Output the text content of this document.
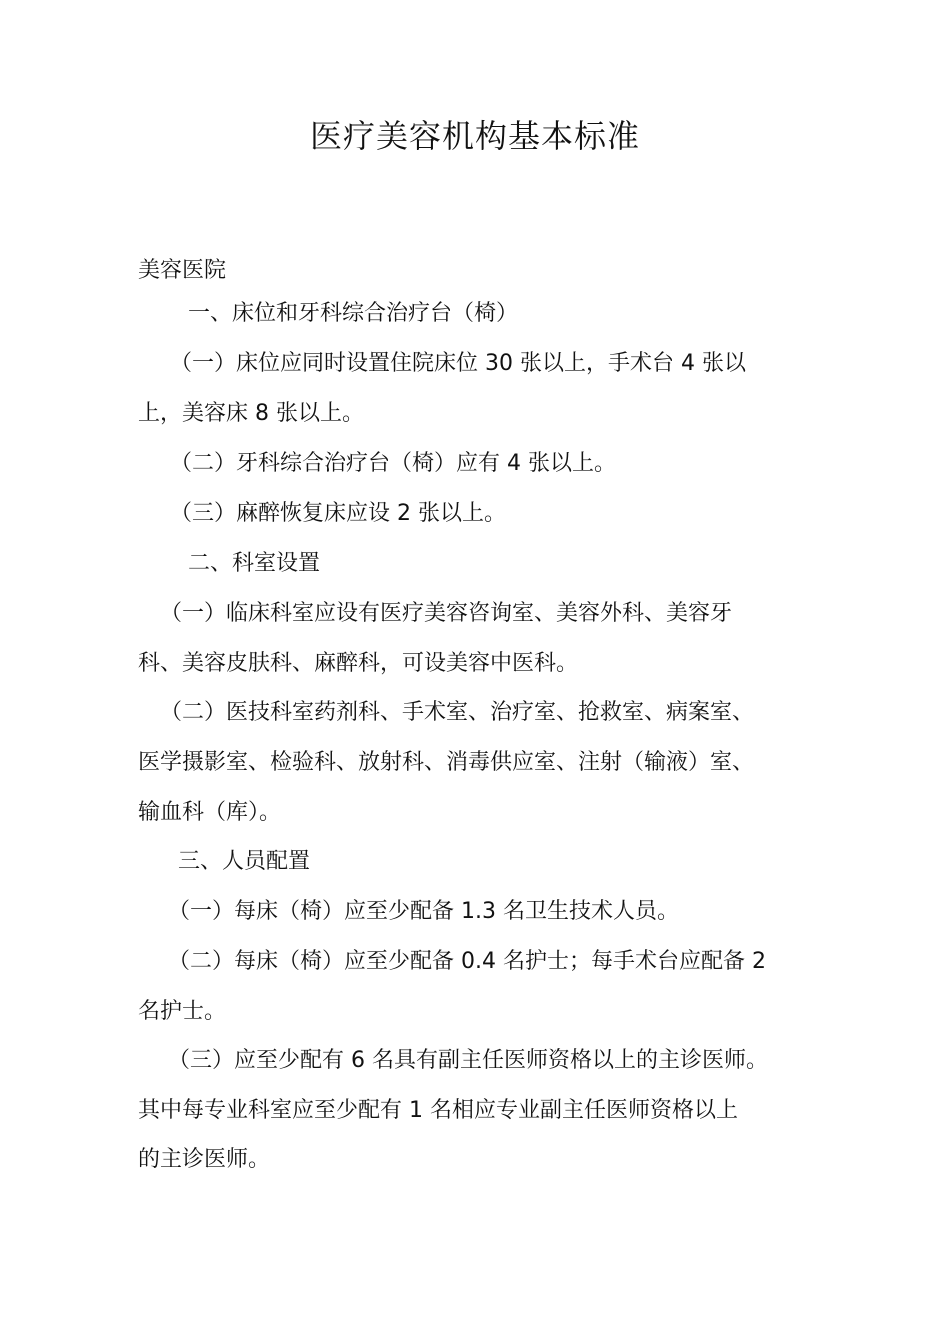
医疗美容机构基本标准
美容医院
一、床位和牙科综合治疗台（椅）
（一）床位应同时设置住院床位 30 张以上，手术台 4 张以
上，美容床 8 张以上。
（二）牙科综合治疗台（椅）应有 4 张以上。
（三）麻醉恢复床应设 2 张以上。
二、科室设置
（一）临床科室应设有医疗美容咨询室、美容外科、美容牙
科、美容皮肤科、麻醉科，可设美容中医科。
（二）医技科室药剂科、手术室、治疗室、抢救室、病案室、
医学摄影室、检验科、放射科、消毒供应室、注射（输液）室、
输血科（库）。
三、人员配置
（一）每床（椅）应至少配备 1.3 名卫生技术人员。
（二）每床（椅）应至少配备 0.4 名护士；每手术台应配备 2
名护士。
（三）应至少配有 6 名具有副主任医师资格以上的主诊医师。
其中每专业科室应至少配有 1 名相应专业副主任医师资格以上
的主诊医师。
